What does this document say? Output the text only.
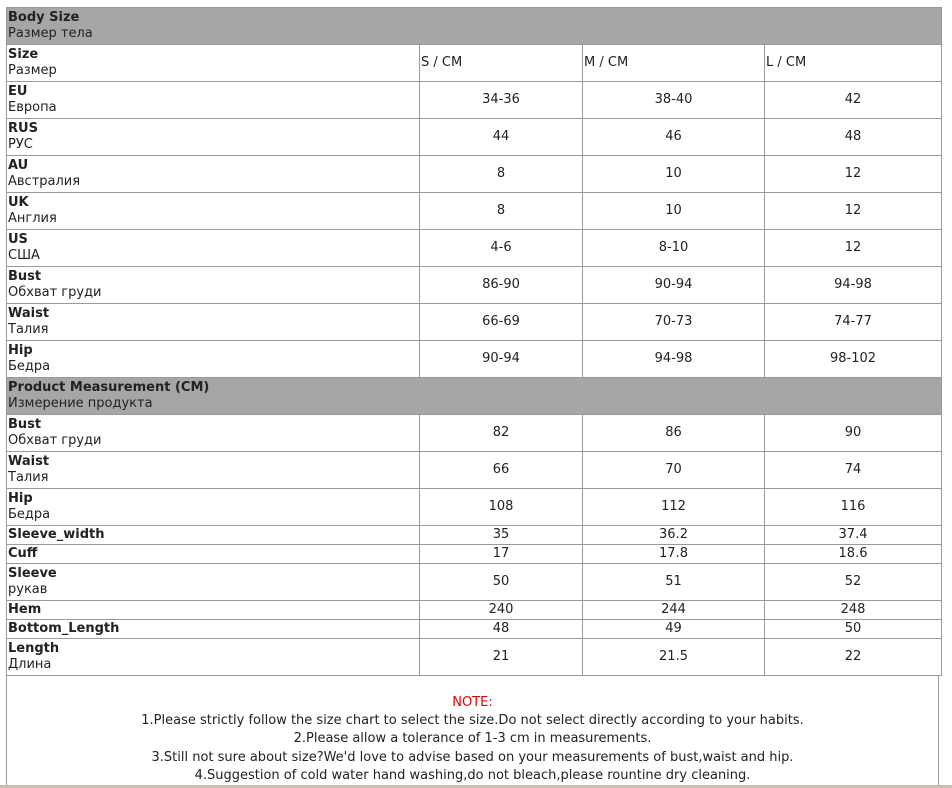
Body Size
Размер тела			

Size
Размер	S / CM	M / CM	L / CM

EU
Европа	34-36	38-40	42

RUS
РУС	44	46	48

AU
Австралия	8	10	12

UK
Англия	8	10	12

US
США	4-6	8-10	12

Bust
Обхват груди	86-90	90-94	94-98

Waist
Талия	66-69	70-73	74-77

Hip
Бедра	90-94	94-98	98-102

Product Measurement (CM)
Измерение продукта			

Bust
Обхват груди	82	86	90

Waist
Талия	66	70	74

Hip
Бедра	108	112	116

Sleeve_width	35	36.2	37.4

Cuff	17	17.8	18.6

Sleeve
рукав	50	51	52

Hem	240	244	248

Bottom_Length	48	49	50

Length
Длина	21	21.5	22
NOTE:
1.Please strictly follow the size chart to select the size.Do not select directly according to your habits.
2.Please allow a tolerance of 1-3 cm in measurements.
3.Still not sure about size?We'd love to advise based on your measurements of bust,waist and hip.
4.Suggestion of cold water hand washing,do not bleach,please rountine dry cleaning.
